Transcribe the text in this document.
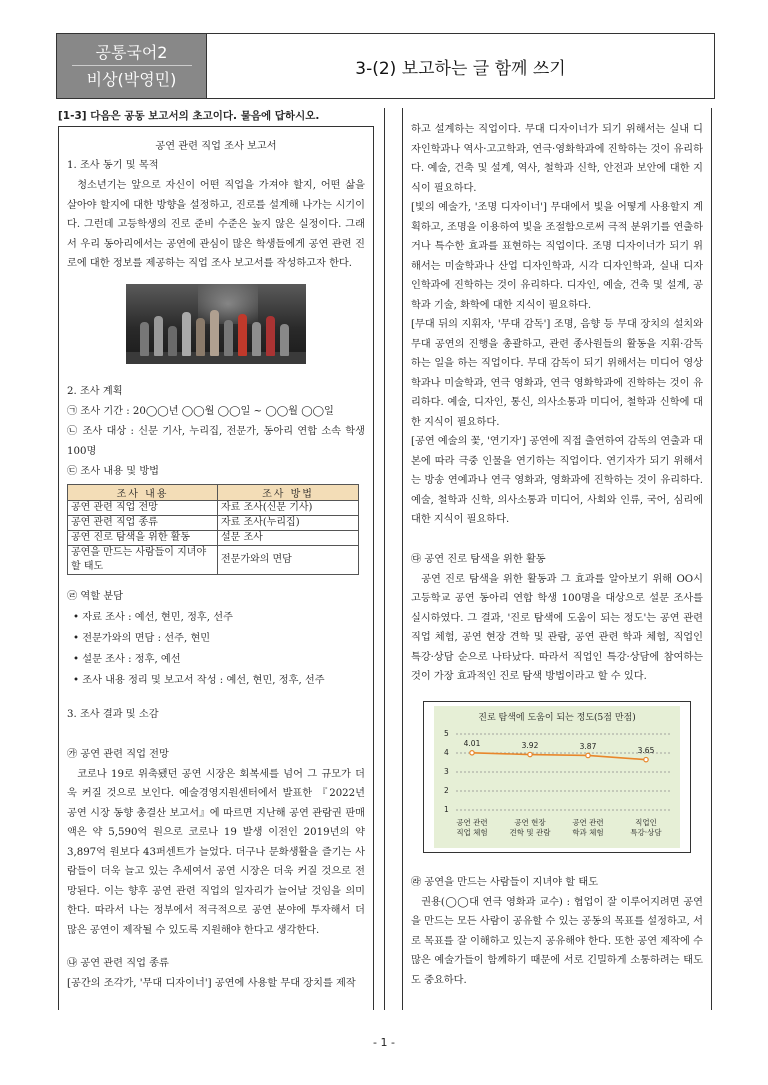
공통국어2
비상(박영민)
3-(2) 보고하는 글 함께 쓰기
[1-3] 다음은 공동 보고서의 초고이다. 물음에 답하시오.

공연 관련 직업 조사 보고서

1. 조사 동기 및 목적

청소년기는 앞으로 자신이 어떤 직업을 가져야 할지, 어떤 삶을 살아야 할지에 대한 방향을 설정하고, 진로를 설계해 나가는 시기이다. 그런데 고등학생의 진로 준비 수준은 높지 않은 실정이다. 그래서 우리 동아리에서는 공연에 관심이 많은 학생들에게 공연 관련 진로에 대한 정보를 제공하는 직업 조사 보고서를 작성하고자 한다.

2. 조사 계획

㉠ 조사 기간 : 20◯◯년 ◯◯월 ◯◯일 ~ ◯◯월 ◯◯일

㉡ 조사 대상 : 신문 기사, 누리집, 전문가, 동아리 연합 소속 학생 100명

㉢ 조사 내용 및 방법

조사 내용	조사 방법
공연 관련 직업 전망	자료 조사(신문 기사)
공연 관련 직업 종류	자료 조사(누리집)
공연 진로 탐색을 위한 활동	설문 조사
공연을 만드는 사람들이 지녀야 할 태도	전문가와의 면담

㉣ 역할 분담

• 자료 조사 : 예선, 현민, 정후, 선주

• 전문가와의 면담 : 선주, 현민

• 설문 조사 : 정후, 예선

• 조사 내용 정리 및 보고서 작성 : 예선, 현민, 정후, 선주

3. 조사 결과 및 소감

㉮ 공연 관련 직업 전망

코로나 19로 위축됐던 공연 시장은 회복세를 넘어 그 규모가 더욱 커질 것으로 보인다. 예술경영지원센터에서 발표한 『2022년 공연 시장 동향 총결산 보고서』에 따르면 지난해 공연 관람권 판매액은 약 5,590억 원으로 코로나 19 발생 이전인 2019년의 약 3,897억 원보다 43퍼센트가 늘었다. 더구나 문화생활을 즐기는 사람들이 더욱 늘고 있는 추세여서 공연 시장은 더욱 커질 것으로 전망된다. 이는 향후 공연 관련 직업의 일자리가 늘어날 것임을 의미한다. 따라서 나는 정부에서 적극적으로 공연 분야에 투자해서 더 많은 공연이 제작될 수 있도록 지원해야 한다고 생각한다.

㉯ 공연 관련 직업 종류

[공간의 조각가, '무대 디자이너'] 공연에 사용할 무대 장치를 제작

하고 설계하는 직업이다. 무대 디자이너가 되기 위해서는 실내 디자인학과나 역사·고고학과, 연극·영화학과에 진학하는 것이 유리하다. 예술, 건축 및 설계, 역사, 철학과 신학, 안전과 보안에 대한 지식이 필요하다.

[빛의 예술가, '조명 디자이너'] 무대에서 빛을 어떻게 사용할지 계획하고, 조명을 이용하여 빛을 조절함으로써 극적 분위기를 연출하거나 특수한 효과를 표현하는 직업이다. 조명 디자이너가 되기 위해서는 미술학과나 산업 디자인학과, 시각 디자인학과, 실내 디자인학과에 진학하는 것이 유리하다. 디자인, 예술, 건축 및 설계, 공학과 기술, 화학에 대한 지식이 필요하다.

[무대 뒤의 지휘자, '무대 감독'] 조명, 음향 등 무대 장치의 설치와 무대 공연의 진행을 총괄하고, 관련 종사원들의 활동을 지휘·감독하는 일을 하는 직업이다. 무대 감독이 되기 위해서는 미디어 영상학과나 미술학과, 연극 영화과, 연극 영화학과에 진학하는 것이 유리하다. 예술, 디자인, 통신, 의사소통과 미디어, 철학과 신학에 대한 지식이 필요하다.

[공연 예술의 꽃, '연기자'] 공연에 직접 출연하여 감독의 연출과 대본에 따라 극중 인물을 연기하는 직업이다. 연기자가 되기 위해서는 방송 연예과나 연극 영화과, 영화과에 진학하는 것이 유리하다. 예술, 철학과 신학, 의사소통과 미디어, 사회와 인류, 국어, 심리에 대한 지식이 필요하다.

㉰ 공연 진로 탐색을 위한 활동

공연 진로 탐색을 위한 활동과 그 효과를 알아보기 위해 OO시 고등학교 공연 동아리 연합 학생 100명을 대상으로 설문 조사를 실시하였다. 그 결과, '진로 탐색에 도움이 되는 정도'는 공연 관련 직업 체험, 공연 현장 견학 및 관람, 공연 관련 학과 체험, 직업인 특강·상담 순으로 나타났다. 따라서 직업인 특강·상담에 참여하는 것이 가장 효과적인 진로 탐색 방법이라고 할 수 있다.

진로 탐색에 도움이 되는 정도(5점 만점)
5
4
3
2
1
4.01
공연 관련
직업 체험
3.92
공연 현장
견학 및 관람
3.87
공연 관련
학과 체험
3.65
직업인
특강·상담

㉱ 공연을 만드는 사람들이 지녀야 할 태도

권용(◯◯대 연극 영화과 교수) : 협업이 잘 이루어지려면 공연을 만드는 모든 사람이 공유할 수 있는 공동의 목표를 설정하고, 서로 목표를 잘 이해하고 있는지 공유해야 한다. 또한 공연 제작에 수많은 예술가들이 함께하기 때문에 서로 긴밀하게 소통하려는 태도도 중요하다.

- 1 -
